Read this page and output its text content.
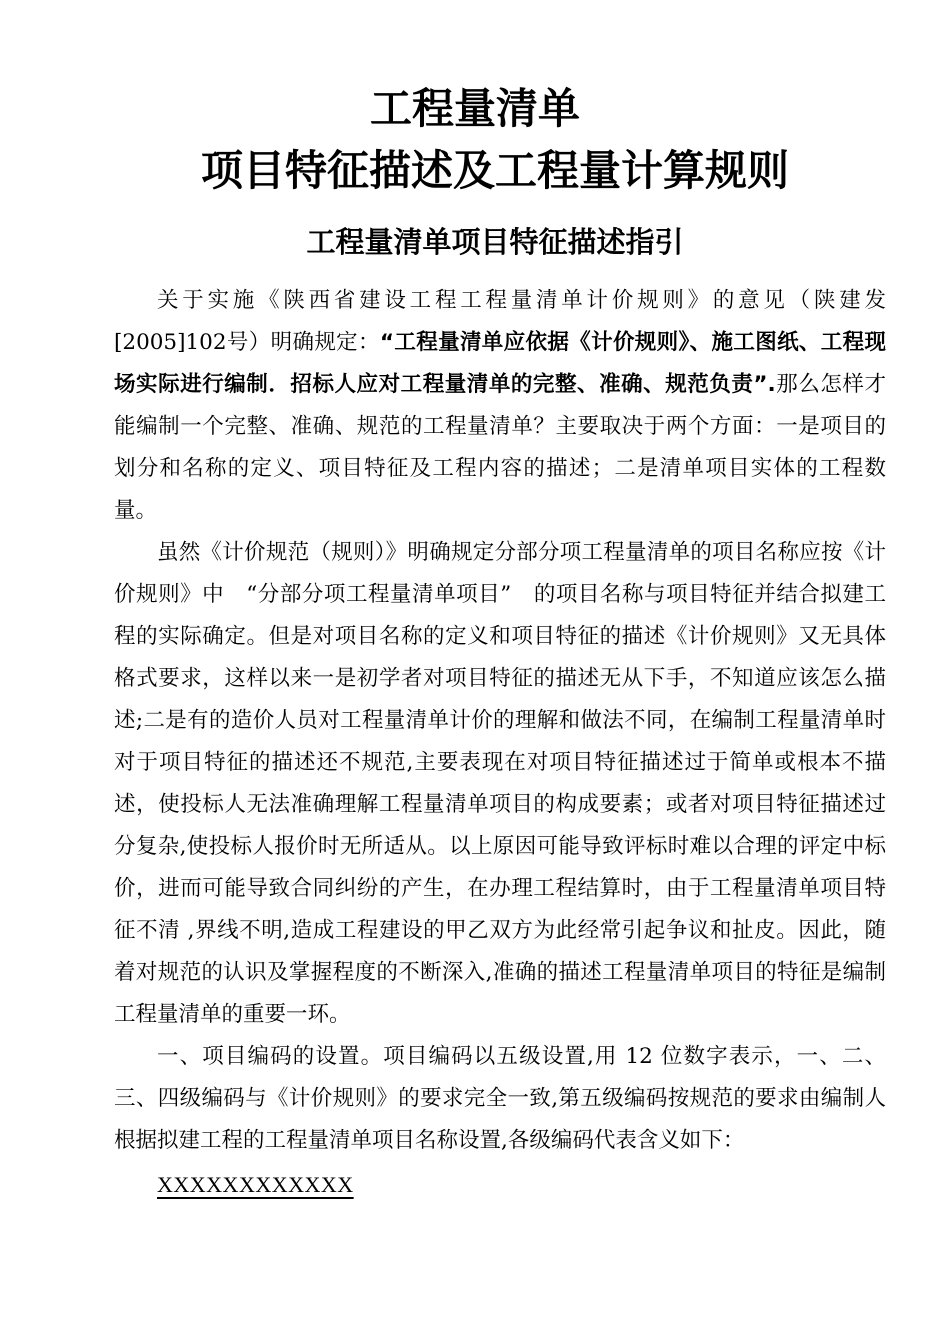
工程量清单
项目特征描述及工程量计算规则
工程量清单项目特征描述指引

关于实施《陕西省建设工程工程量清单计价规则》的意见（陕建发[2005]102号）明确规定：“工程量清单应依据《计价规则》、施工图纸、工程现场实际进行编制．招标人应对工程量清单的完整、准确、规范负责”.那么怎样才能编制一个完整、准确、规范的工程量清单？主要取决于两个方面：一是项目的划分和名称的定义、项目特征及工程内容的描述；二是清单项目实体的工程数量。

虽然《计价规范（规则）》明确规定分部分项工程量清单的项目名称应按《计价规则》中　“分部分项工程量清单项目”　的项目名称与项目特征并结合拟建工程的实际确定。但是对项目名称的定义和项目特征的描述《计价规则》又无具体格式要求，这样以来一是初学者对项目特征的描述无从下手，不知道应该怎么描述;二是有的造价人员对工程量清单计价的理解和做法不同，在编制工程量清单时对于项目特征的描述还不规范,主要表现在对项目特征描述过于简单或根本不描述，使投标人无法准确理解工程量清单项目的构成要素；或者对项目特征描述过分复杂,使投标人报价时无所适从。以上原因可能导致评标时难以合理的评定中标价，进而可能导致合同纠纷的产生，在办理工程结算时，由于工程量清单项目特征不清 ,界线不明,造成工程建设的甲乙双方为此经常引起争议和扯皮。因此，随着对规范的认识及掌握程度的不断深入,准确的描述工程量清单项目的特征是编制工程量清单的重要一环。

一、项目编码的设置。项目编码以五级设置,用 12 位数字表示，一、二、三、四级编码与《计价规则》的要求完全一致,第五级编码按规范的要求由编制人根据拟建工程的工程量清单项目名称设置,各级编码代表含义如下：

XXXXXXXXXXXX
